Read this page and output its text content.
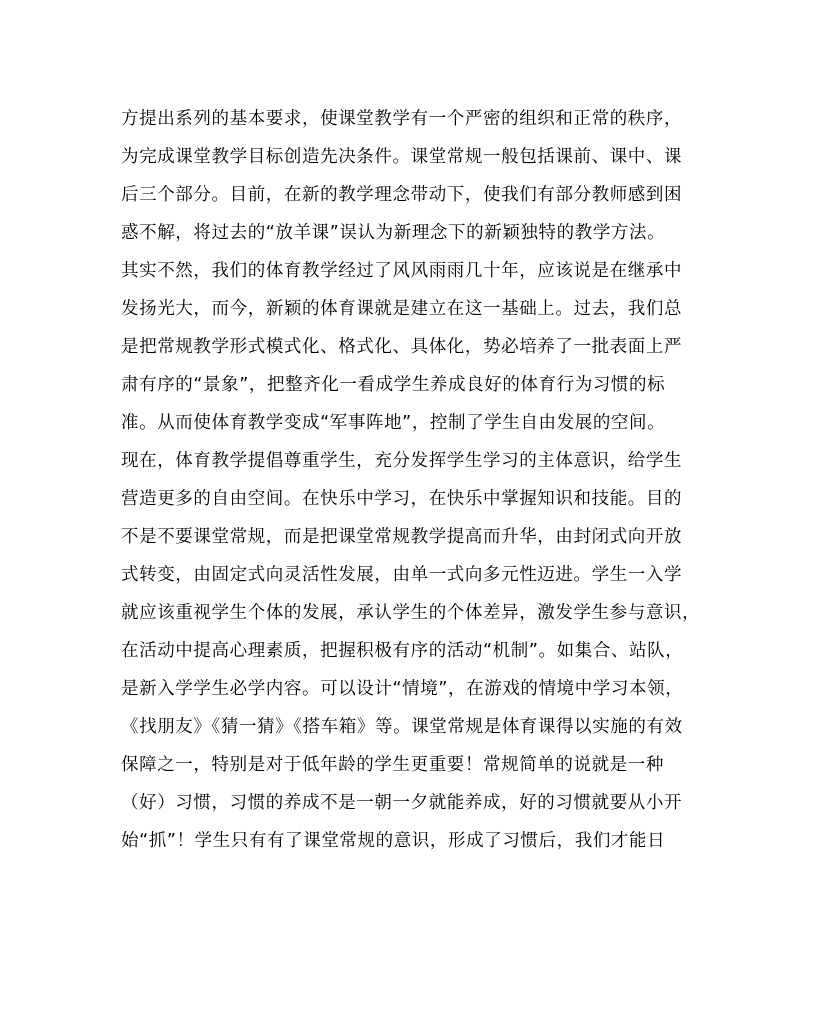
方提出系列的基本要求，使课堂教学有一个严密的组织和正常的秩序，
为完成课堂教学目标创造先决条件。课堂常规一般包括课前、课中、课
后三个部分。目前，在新的教学理念带动下，使我们有部分教师感到困
惑不解，将过去的“放羊课”误认为新理念下的新颖独特的教学方法。
其实不然，我们的体育教学经过了风风雨雨几十年，应该说是在继承中
发扬光大，而今，新颖的体育课就是建立在这一基础上。过去，我们总
是把常规教学形式模式化、格式化、具体化，势必培养了一批表面上严
肃有序的“景象”，把整齐化一看成学生养成良好的体育行为习惯的标
准。从而使体育教学变成“军事阵地”，控制了学生自由发展的空间。
现在，体育教学提倡尊重学生，充分发挥学生学习的主体意识，给学生
营造更多的自由空间。在快乐中学习，在快乐中掌握知识和技能。目的
不是不要课堂常规，而是把课堂常规教学提高而升华，由封闭式向开放
式转变，由固定式向灵活性发展，由单一式向多元性迈进。学生一入学
就应该重视学生个体的发展，承认学生的个体差异，激发学生参与意识，
在活动中提高心理素质，把握积极有序的活动“机制”。如集合、站队，
是新入学学生必学内容。可以设计“情境”，在游戏的情境中学习本领，
《找朋友》《猜一猜》《搭车箱》等。课堂常规是体育课得以实施的有效
保障之一，特别是对于低年龄的学生更重要！常规简单的说就是一种
（好）习惯，习惯的养成不是一朝一夕就能养成，好的习惯就要从小开
始“抓”！学生只有有了课堂常规的意识，形成了习惯后，我们才能日
